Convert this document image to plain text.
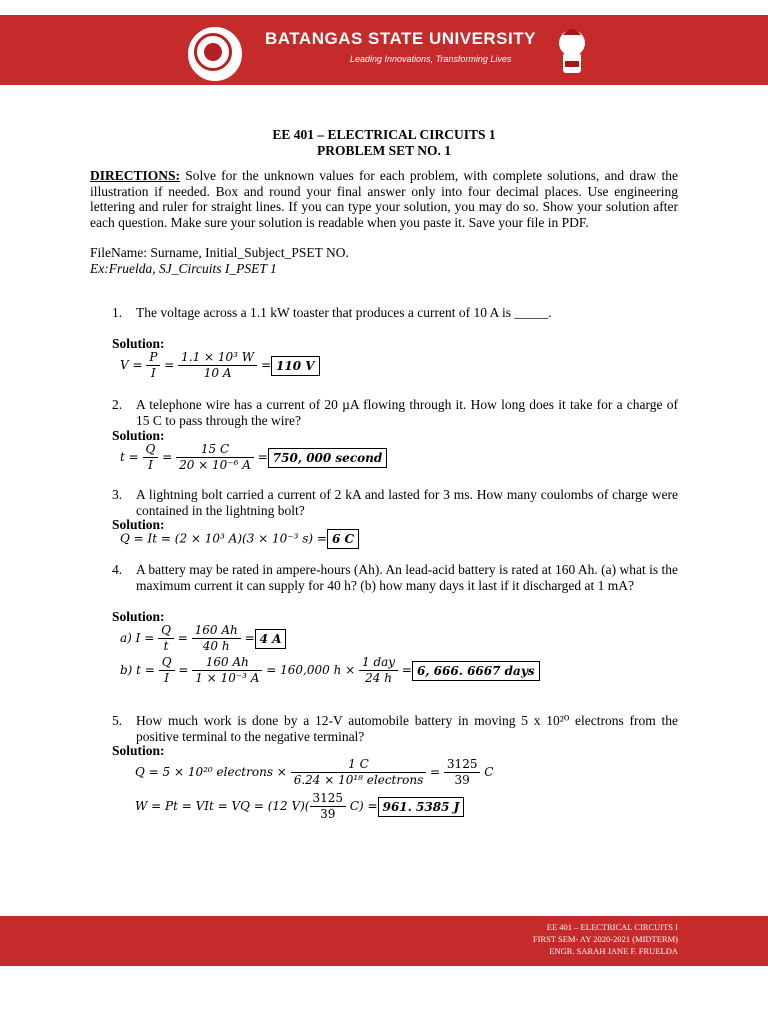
BATANGAS STATE UNIVERSITY
Leading Innovations, Transforming Lives
EE 401 – ELECTRICAL CIRCUITS 1
PROBLEM SET NO. 1
DIRECTIONS: Solve for the unknown values for each problem, with complete solutions, and draw the illustration if needed. Box and round your final answer only into four decimal places. Use engineering lettering and ruler for straight lines. If you can type your solution, you may do so. Show your solution after each question. Make sure your solution is readable when you paste it. Save your file in PDF.
FileName: Surname, Initial_Subject_PSET NO.
Ex:Fruelda, SJ_Circuits I_PSET 1
1.	The voltage across a 1.1 kW toaster that produces a current of 10 A is _____.
Solution:
$V = \frac{P}{I} = \frac{\text{1.1 × 10³ W}}{10 A} = 110$ V
2.	A telephone wire has a current of 20 µA flowing through it. How long does it take for a charge of 15 C to pass through the wire?
Solution:
$t = \frac{Q}{I} = \frac{15 C}{\text{20 × 10⁻⁶ A}} = 750$, 000 second
3.	A lightning bolt carried a current of 2 kA and lasted for 3 ms. How many coulombs of charge were contained in the lightning bolt?
Solution:
Q = It = (2 × 10³ A)(3 × 10⁻³ s) = 6 C
4.	A battery may be rated in ampere-hours (Ah). An lead-acid battery is rated at 160 Ah. (a) what is the maximum current it can supply for 40 h? (b) how many days it last if it discharged at 1 mA?
Solution:
a) $I = \frac{Q}{t} = \frac{160 Ah}{40 h} = 4$ A
b) $t = \frac{Q}{I} = \frac{160 Ah}{\text{1 × 10⁻³ A}} = 160,000$ $h \times \frac{\text{1 day}}{24 h} = 6$, 666. 6667 days
5.	How much work is done by a 12-V automobile battery in moving 5 x 10²⁰ electrons from the positive terminal to the negative terminal?
Solution:
Q = 5 × 10²⁰ electrons × $\frac{1 C}{\text{6.24 × 10¹⁸ electrons}} = \frac{3125}{39}$ C
W = Pt = VIt = VQ = (12 $V)( \frac{3125}{39} C) = 961$. 5385 J
EE 401 – ELECTRICAL CIRCUITS I
FIRST SEM- AY 2020-2021 (MIDTERM)
ENGR. SARAH JANE F. FRUELDA
